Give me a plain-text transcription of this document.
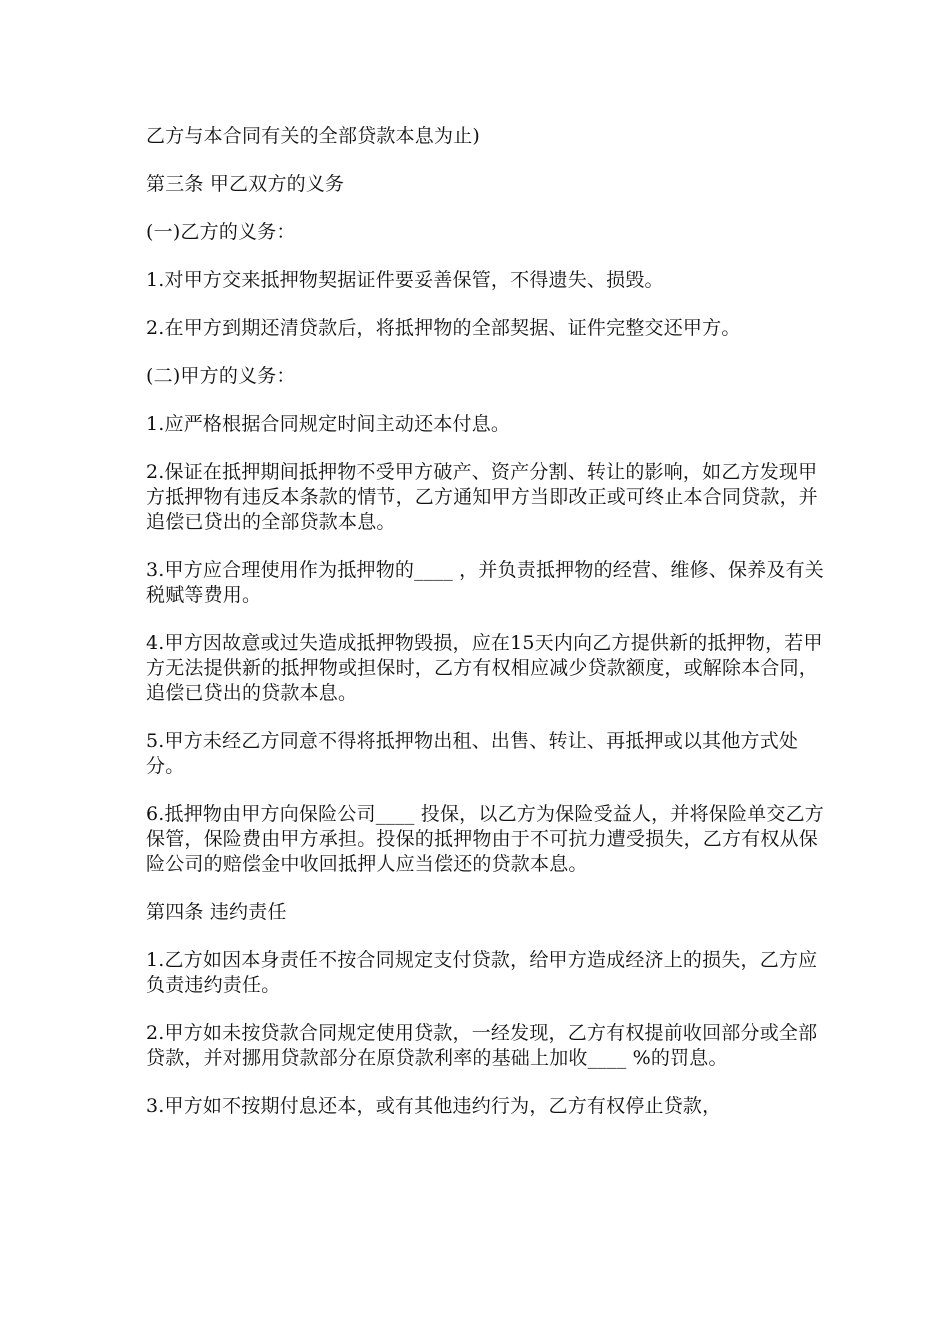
乙方与本合同有关的全部贷款本息为止)

第三条 甲乙双方的义务

(一)乙方的义务：

1.对甲方交来抵押物契据证件要妥善保管，不得遗失、损毁。

2.在甲方到期还清贷款后，将抵押物的全部契据、证件完整交还甲方。

(二)甲方的义务：

1.应严格根据合同规定时间主动还本付息。

2.保证在抵押期间抵押物不受甲方破产、资产分割、转让的影响，如乙方发现甲方抵押物有违反本条款的情节，乙方通知甲方当即改正或可终止本合同贷款，并追偿已贷出的全部贷款本息。

3.甲方应合理使用作为抵押物的____ ，并负责抵押物的经营、维修、保养及有关税赋等费用。

4.甲方因故意或过失造成抵押物毁损，应在15天内向乙方提供新的抵押物，若甲方无法提供新的抵押物或担保时，乙方有权相应减少贷款额度，或解除本合同，追偿已贷出的贷款本息。

5.甲方未经乙方同意不得将抵押物出租、出售、转让、再抵押或以其他方式处分。

6.抵押物由甲方向保险公司____ 投保，以乙方为保险受益人，并将保险单交乙方保管，保险费由甲方承担。投保的抵押物由于不可抗力遭受损失，乙方有权从保险公司的赔偿金中收回抵押人应当偿还的贷款本息。

第四条 违约责任

1.乙方如因本身责任不按合同规定支付贷款，给甲方造成经济上的损失，乙方应负责违约责任。

2.甲方如未按贷款合同规定使用贷款，一经发现，乙方有权提前收回部分或全部贷款，并对挪用贷款部分在原贷款利率的基础上加收____ %的罚息。

3.甲方如不按期付息还本，或有其他违约行为，乙方有权停止贷款，
